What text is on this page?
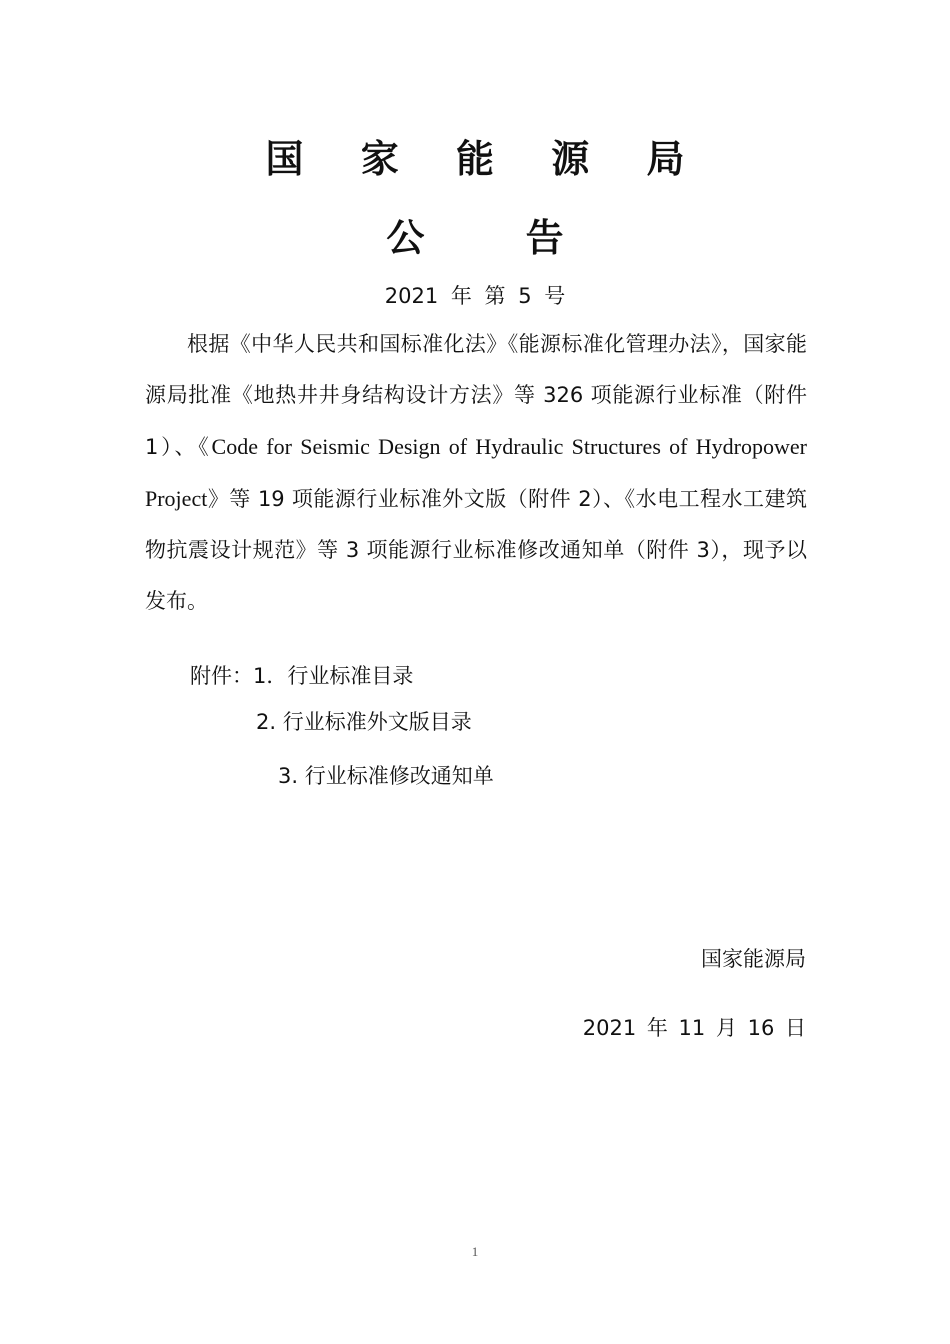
国 家 能 源 局
公 告
2021 年 第 5 号
根据《中华人民共和国标准化法》《能源标准化管理办法》，国家能源局批准《地热井井身结构设计方法》等 326 项能源行业标准（附件 1）、《Code for Seismic Design of Hydraulic Structures of Hydropower Project》等 19 项能源行业标准外文版（附件 2）、《水电工程水工建筑物抗震设计规范》等 3 项能源行业标准修改通知单（附件 3），现予以发布。
附件：1．行业标准目录
2. 行业标准外文版目录
3. 行业标准修改通知单
国家能源局
2021 年 11 月 16 日
1
